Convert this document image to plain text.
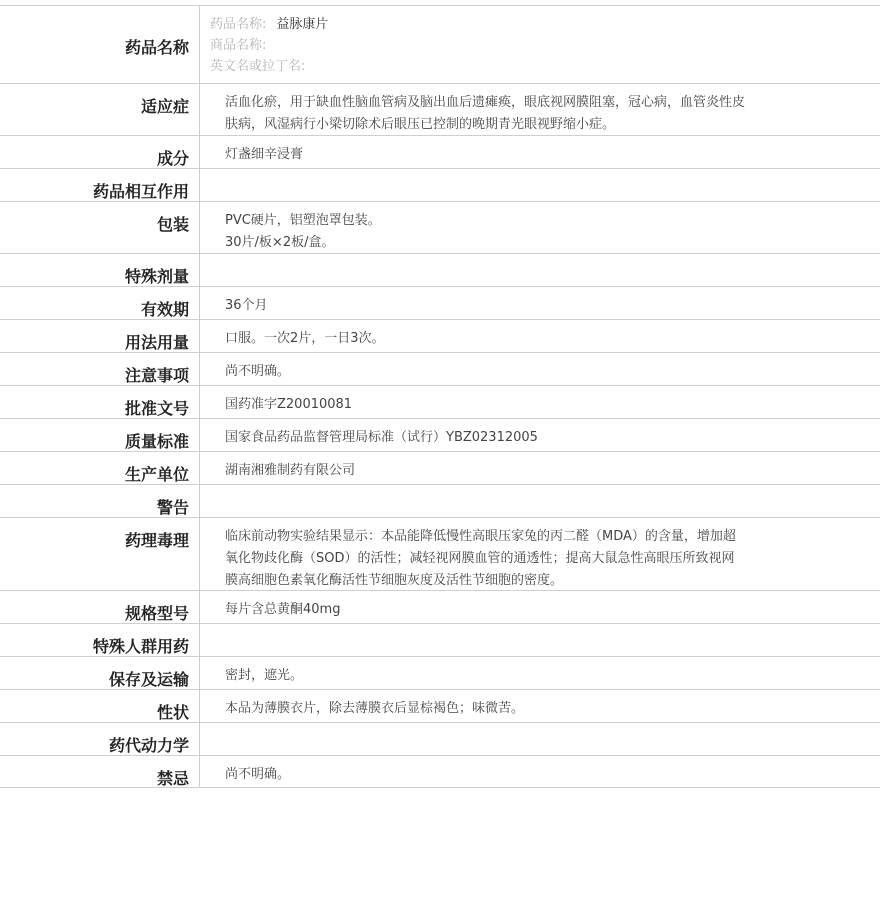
药品名称
药品名称: 益脉康片
商品名称:
英文名或拉丁名:
适应症	活血化瘀，用于缺血性脑血管病及脑出血后遗瘫痪，眼底视网膜阻塞，冠心病，血管炎性皮
肤病，风湿病行小梁切除术后眼压已控制的晚期青光眼视野缩小症。
成分	灯盏细辛浸膏
药品相互作用
包装	PVC硬片，铝塑泡罩包装。
30片/板×2板/盒。
特殊剂量
有效期	36个月
用法用量	口服。一次2片，一日3次。
注意事项	尚不明确。
批准文号	国药准字Z20010081
质量标准	国家食品药品监督管理局标准（试行）YBZ02312005
生产单位	湖南湘雅制药有限公司
警告
药理毒理	临床前动物实验结果显示：本品能降低慢性高眼压家兔的丙二醛（MDA）的含量，增加超
氧化物歧化酶（SOD）的活性；减轻视网膜血管的通透性；提高大鼠急性高眼压所致视网
膜高细胞色素氧化酶活性节细胞灰度及活性节细胞的密度。
规格型号	每片含总黄酮40mg
特殊人群用药
保存及运输	密封，遮光。
性状	本品为薄膜衣片，除去薄膜衣后显棕褐色；味微苦。
药代动力学
禁忌	尚不明确。
